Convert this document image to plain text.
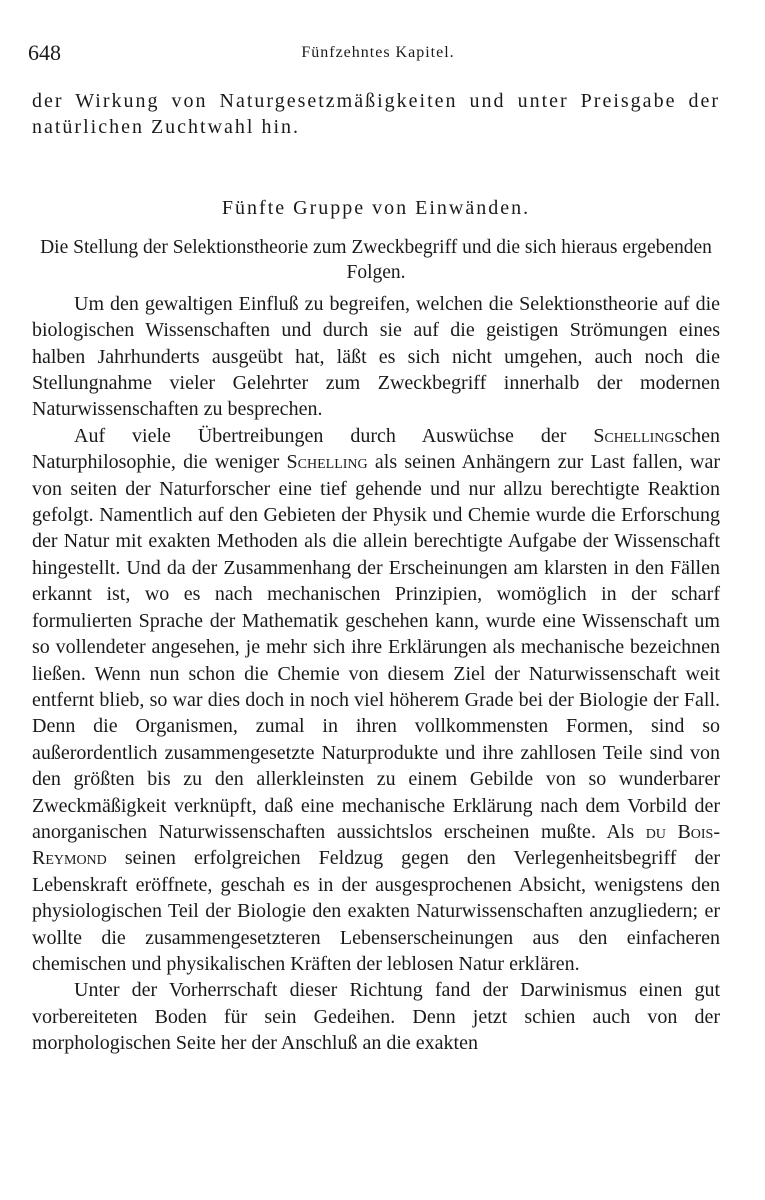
648	Fünfzehntes Kapitel.

der Wirkung von Naturgesetzmäßigkeiten und unter Preisgabe der natürlichen Zuchtwahl hin.

Fünfte Gruppe von Einwänden.
Die Stellung der Selektionstheorie zum Zweckbegriff und die sich hieraus ergebenden Folgen.

Um den gewaltigen Einfluß zu begreifen, welchen die Selektionstheorie auf die biologischen Wissenschaften und durch sie auf die geistigen Strömungen eines halben Jahrhunderts ausgeübt hat, läßt es sich nicht umgehen, auch noch die Stellungnahme vieler Gelehrter zum Zweckbegriff innerhalb der modernen Naturwissenschaften zu besprechen.

Auf viele Übertreibungen durch Auswüchse der Schellingschen Naturphilosophie, die weniger Schelling als seinen Anhängern zur Last fallen, war von seiten der Naturforscher eine tief gehende und nur allzu berechtigte Reaktion gefolgt. Namentlich auf den Gebieten der Physik und Chemie wurde die Erforschung der Natur mit exakten Methoden als die allein berechtigte Aufgabe der Wissenschaft hingestellt. Und da der Zusammenhang der Erscheinungen am klarsten in den Fällen erkannt ist, wo es nach mechanischen Prinzipien, womöglich in der scharf formulierten Sprache der Mathematik geschehen kann, wurde eine Wissenschaft um so vollendeter angesehen, je mehr sich ihre Erklärungen als mechanische bezeichnen ließen. Wenn nun schon die Chemie von diesem Ziel der Naturwissenschaft weit entfernt blieb, so war dies doch in noch viel höherem Grade bei der Biologie der Fall. Denn die Organismen, zumal in ihren vollkommensten Formen, sind so außerordentlich zusammengesetzte Naturprodukte und ihre zahllosen Teile sind von den größten bis zu den allerkleinsten zu einem Gebilde von so wunderbarer Zweckmäßigkeit verknüpft, daß eine mechanische Erklärung nach dem Vorbild der anorganischen Naturwissenschaften aussichtslos erscheinen mußte. Als du Bois-Reymond seinen erfolgreichen Feldzug gegen den Verlegenheitsbegriff der Lebenskraft eröffnete, geschah es in der ausgesprochenen Absicht, wenigstens den physiologischen Teil der Biologie den exakten Naturwissenschaften anzugliedern; er wollte die zusammengesetzteren Lebenserscheinungen aus den einfacheren chemischen und physikalischen Kräften der leblosen Natur erklären.

Unter der Vorherrschaft dieser Richtung fand der Darwinismus einen gut vorbereiteten Boden für sein Gedeihen. Denn jetzt schien auch von der morphologischen Seite her der Anschluß an die exakten
